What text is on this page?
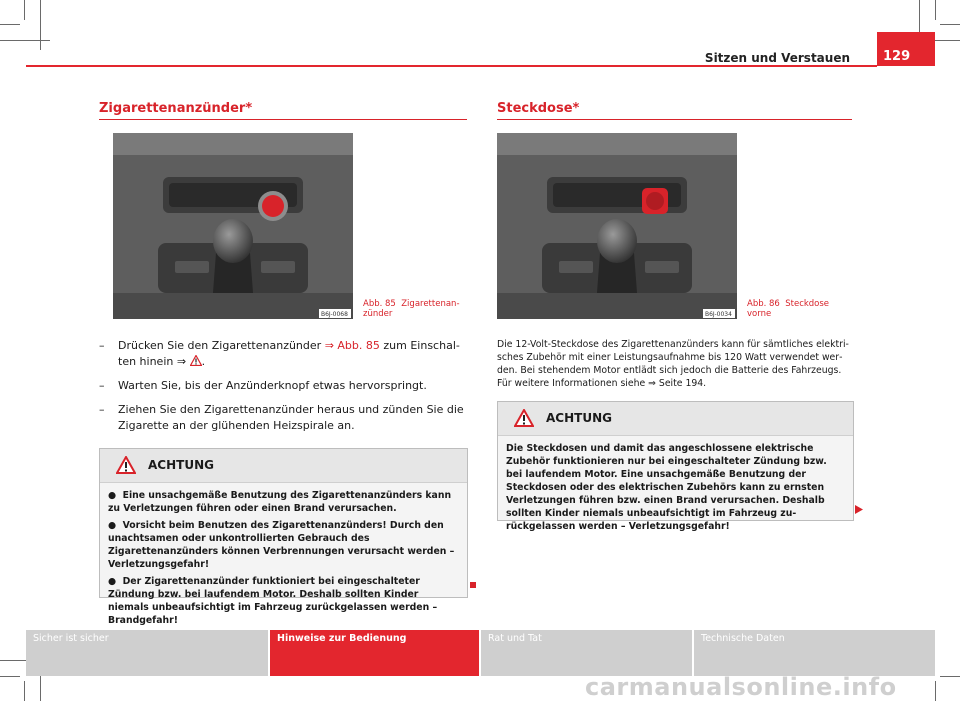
Sitzen und Verstauen	129
Zigarettenanzünder*
B6J-0068
Abb. 85 Zigarettenanzünder
– Drücken Sie den Zigarettenanzünder ⇒ Abb. 85 zum Einschalten hinein ⇒ .
– Warten Sie, bis der Anzünderknopf etwas hervorspringt.
– Ziehen Sie den Zigarettenanzünder heraus und zünden Sie die Zigarette an der glühenden Heizspirale an.
ACHTUNG

●  Eine unsachgemäße Benutzung des Zigarettenanzünders kann zu Verletzungen führen oder einen Brand verursachen.

●  Vorsicht beim Benutzen des Zigarettenanzünders! Durch den unachtsamen oder unkontrollierten Gebrauch des Zigarettenanzünders können Verbrennungen verursacht werden – Verletzungsgefahr!

●  Der Zigarettenanzünder funktioniert bei eingeschalteter Zündung bzw. bei laufendem Motor. Deshalb sollten Kinder niemals unbeaufsichtigt im Fahrzeug zurückgelassen werden – Brandgefahr!

Steckdose*
B6J-0034
Abb. 86 Steckdose vorne
Die 12-Volt-Steckdose des Zigarettenanzünders kann für sämtliches elektrisches Zubehör mit einer Leistungsaufnahme bis 120 Watt verwendet werden. Bei stehendem Motor entlädt sich jedoch die Batterie des Fahrzeugs. Für weitere Informationen siehe ⇒ Seite 194.
ACHTUNG
Die Steckdosen und damit das angeschlossene elektrische Zubehör funktionieren nur bei eingeschalteter Zündung bzw. bei laufendem Motor. Eine unsachgemäße Benutzung der Steckdosen oder des elektrischen Zubehörs kann zu ernsten Verletzungen führen bzw. einen Brand verursachen. Deshalb sollten Kinder niemals unbeaufsichtigt im Fahrzeug zurückgelassen werden – Verletzungsgefahr!
Sicher ist sicher	Hinweise zur Bedienung	Rat und Tat	Technische Daten
carmanualsonline.info
